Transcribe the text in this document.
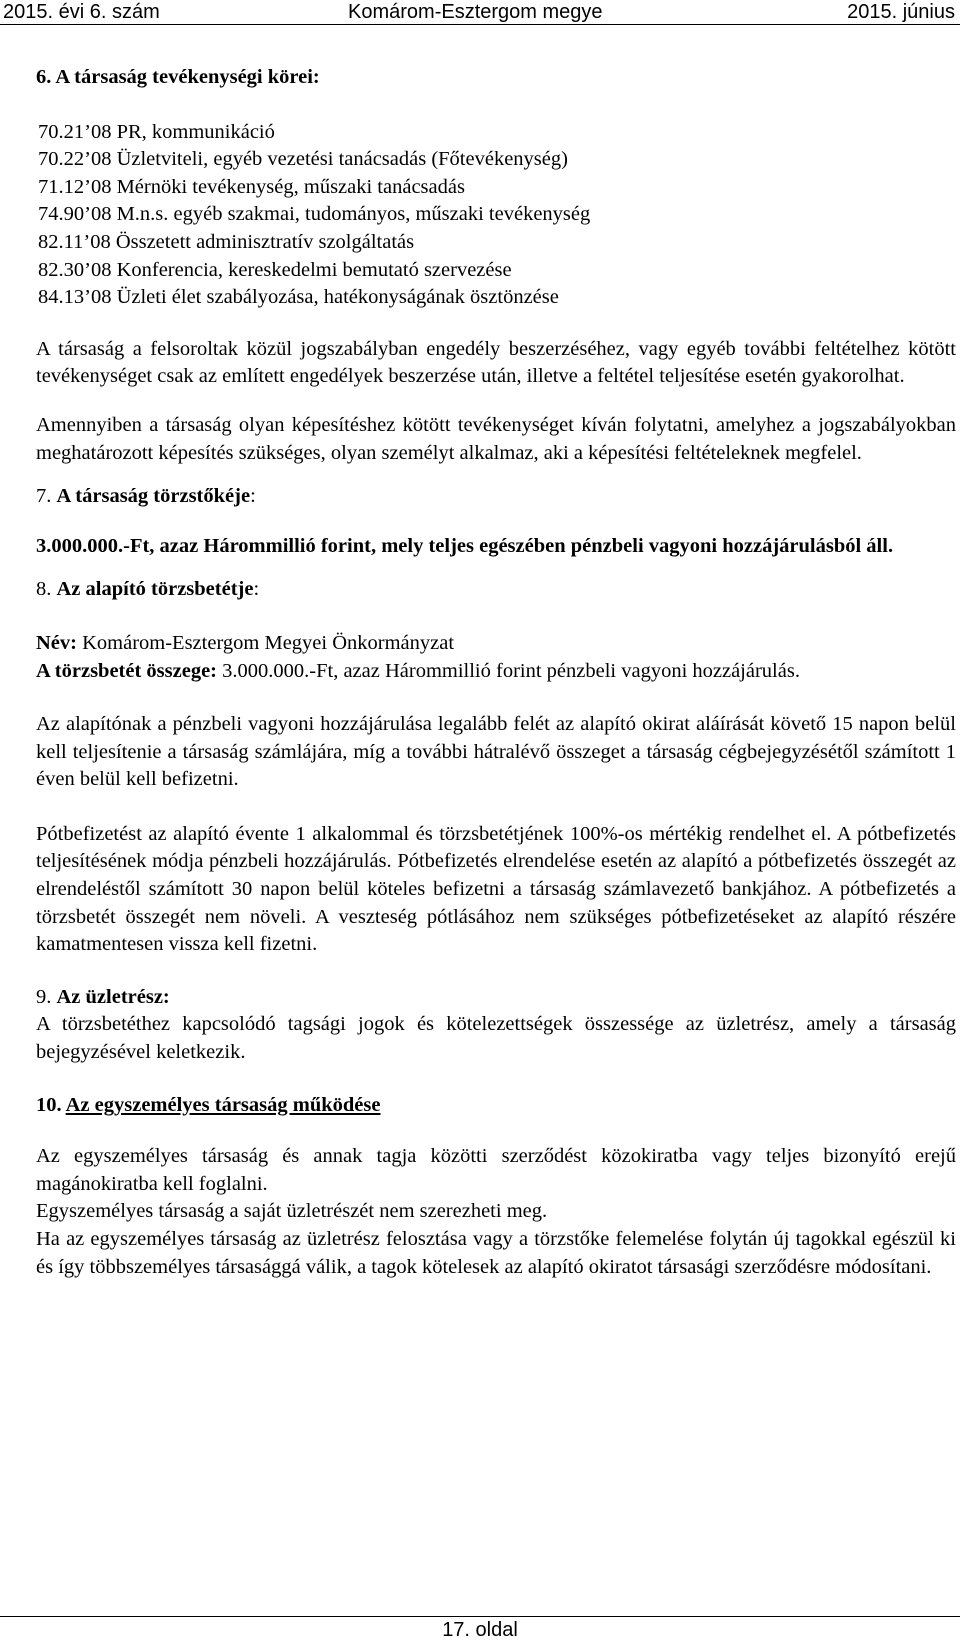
2015. évi 6. szám	Komárom-Esztergom megye	2015. június

6. A társaság tevékenységi körei:

70.21’08 PR, kommunikáció
70.22’08 Üzletviteli, egyéb vezetési tanácsadás (Főtevékenység)
71.12’08 Mérnöki tevékenység, műszaki tanácsadás
74.90’08 M.n.s. egyéb szakmai, tudományos, műszaki tevékenység
82.11’08 Összetett adminisztratív szolgáltatás
82.30’08 Konferencia, kereskedelmi bemutató szervezése
84.13’08 Üzleti élet szabályozása, hatékonyságának ösztönzése

A társaság a felsoroltak közül jogszabályban engedély beszerzéséhez, vagy egyéb további feltételhez kötött tevékenységet csak az említett engedélyek beszerzése után, illetve a feltétel teljesítése esetén gyakorolhat.

Amennyiben a társaság olyan képesítéshez kötött tevékenységet kíván folytatni, amelyhez a jogszabályokban meghatározott képesítés szükséges, olyan személyt alkalmaz, aki a képesítési feltételeknek megfelel.

7. A társaság törzstőkéje:

3.000.000.-Ft, azaz Hárommillió forint, mely teljes egészében pénzbeli vagyoni hozzájárulásból áll.

8. Az alapító törzsbetétje:

Név: Komárom-Esztergom Megyei Önkormányzat

A törzsbetét összege: 3.000.000.-Ft, azaz Hárommillió forint pénzbeli vagyoni hozzájárulás.

Az alapítónak a pénzbeli vagyoni hozzájárulása legalább felét az alapító okirat aláírását követő 15 napon belül kell teljesítenie a társaság számlájára, míg a további hátralévő összeget a társaság cégbejegyzésétől számított 1 éven belül kell befizetni.

Pótbefizetést az alapító évente 1 alkalommal és törzsbetétjének 100%-os mértékig rendelhet el. A pótbefizetés teljesítésének módja pénzbeli hozzájárulás. Pótbefizetés elrendelése esetén az alapító a pótbefizetés összegét az elrendeléstől számított 30 napon belül köteles befizetni a társaság számlavezető bankjához. A pótbefizetés a törzsbetét összegét nem növeli. A veszteség pótlásához nem szükséges pótbefizetéseket az alapító részére kamatmentesen vissza kell fizetni.

9. Az üzletrész:

A törzsbetéthez kapcsolódó tagsági jogok és kötelezettségek összessége az üzletrész, amely a társaság bejegyzésével keletkezik.

10. Az egyszemélyes társaság működése

Az egyszemélyes társaság és annak tagja közötti szerződést közokiratba vagy teljes bizonyító erejű magánokiratba kell foglalni.

Egyszemélyes társaság a saját üzletrészét nem szerezheti meg.

Ha az egyszemélyes társaság az üzletrész felosztása vagy a törzstőke felemelése folytán új tagokkal egészül ki és így többszemélyes társasággá válik, a tagok kötelesek az alapító okiratot társasági szerződésre módosítani.

17. oldal
